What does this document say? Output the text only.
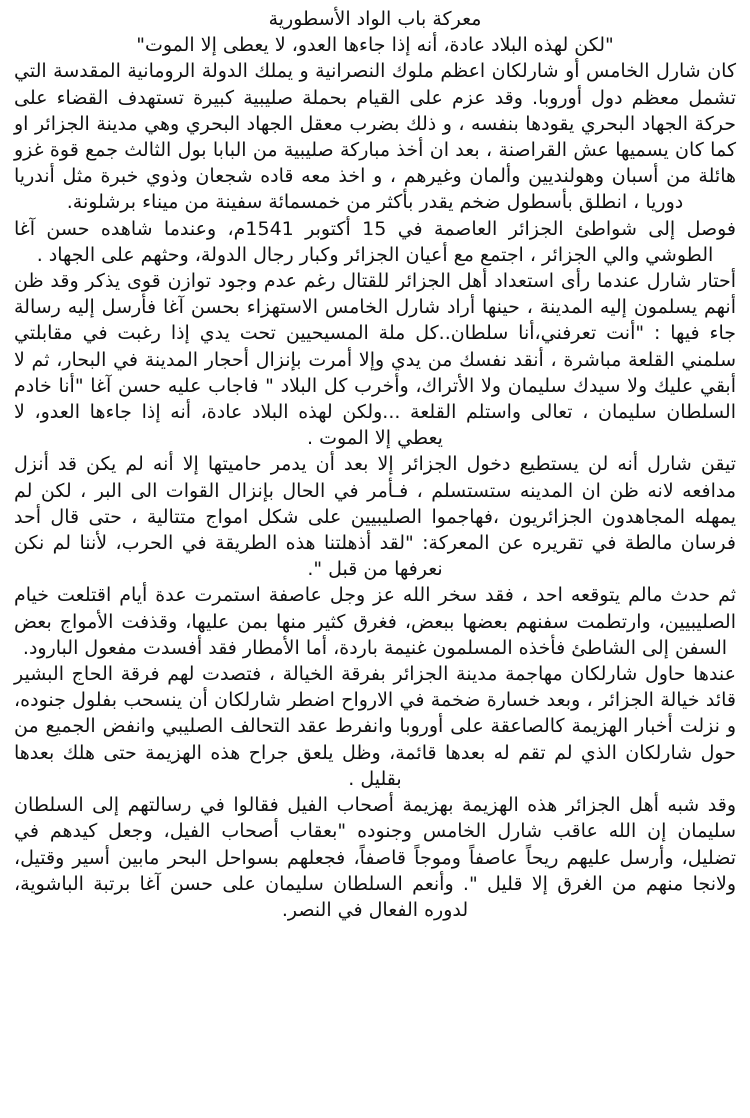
معركة باب الواد الأسطورية

"لكن لهذه البلاد عادة، أنه إذا جاءها العدو، لا يعطى إلا الموت"

كان شارل الخامس أو شارلكان اعظم ملوك النصرانية و يملك الدولة الرومانية المقدسة التي تشمل معظم دول أوروبا. وقد عزم على القيام بحملة صليبية كبيرة تستهدف القضاء على حركة الجهاد البحري يقودها بنفسه ، و ذلك بضرب معقل الجهاد البحري وهي مدينة الجزائر او كما كان يسميها عش القراصنة ، بعد ان أخذ مباركة صليبية من البابا بول الثالث جمع قوة غزو هائلة من أسبان وهولنديين وألمان وغيرهم ، و اخذ معه قاده شجعان وذوي خبرة مثل أندريا دوريا ، انطلق بأسطول ضخم يقدر بأكثر من خمسمائة سفينة من ميناء برشلونة.

فوصل إلى شواطئ الجزائر العاصمة في 15 أكتوبر 1541م، وعندما شاهده حسن آغا الطوشي والي الجزائر ، اجتمع مع أعيان الجزائر وكبار رجال الدولة، وحثهم على الجهاد .

أحتار شارل عندما رأى استعداد أهل الجزائر للقتال رغم عدم وجود توازن قوى يذكر وقد ظن أنهم يسلمون إليه المدينة ، حينها أراد شارل الخامس الاستهزاء بحسن آغا فأرسل إليه رسالة جاء فيها : "أنت تعرفني،أنا سلطان..كل ملة المسيحيين تحت يدي إذا رغبت في مقابلتي سلمني القلعة مباشرة ، أنقد نفسك من يدي وإلا أمرت بإنزال أحجار المدينة في البحار، ثم لا أبقي عليك ولا سيدك سليمان ولا الأتراك، وأخرب كل البلاد " فاجاب عليه حسن آغا "أنا خادم السلطان سليمان ، تعالى واستلم القلعة ...ولكن لهذه البلاد عادة، أنه إذا جاءها العدو، لا يعطي إلا الموت .

تيقن شارل أنه لن يستطيع دخول الجزائر إلا بعد أن يدمر حاميتها إلا أنه لم يكن قد أنزل مدافعه لانه ظن ان المدينه ستستسلم ، فـأمر في الحال بإنزال القوات الى البر ، لكن لم يمهله المجاهدون الجزائريون ،فهاجموا الصليبيين على شكل امواج متتالية ، حتى قال أحد فرسان مالطة في تقريره عن المعركة: "لقد أذهلتنا هذه الطريقة في الحرب، لأننا لم نكن نعرفها من قبل ".

ثم حدث مالم يتوقعه احد ، فقد سخر الله عز وجل عاصفة استمرت عدة أيام اقتلعت خيام الصليبيين، وارتطمت سفنهم بعضها ببعض، فغرق كثير منها بمن عليها، وقذفت الأمواج بعض السفن إلى الشاطئ فأخذه المسلمون غنيمة باردة، أما الأمطار فقد أفسدت مفعول البارود.

عندها حاول شارلكان مهاجمة مدينة الجزائر بفرقة الخيالة ، فتصدت لهم فرقة الحاج البشير قائد خيالة الجزائر ، وبعد خسارة ضخمة في الارواح اضطر شارلكان أن ينسحب بفلول جنوده، و نزلت أخبار الهزيمة كالصاعقة على أوروبا وانفرط عقد التحالف الصليبي وانفض الجميع من حول شارلكان الذي لم تقم له بعدها قائمة، وظل يلعق جراح هذه الهزيمة حتى هلك بعدها بقليل .

وقد شبه أهل الجزائر هذه الهزيمة بهزيمة أصحاب الفيل فقالوا في رسالتهم إلى السلطان سليمان إن الله عاقب شارل الخامس وجنوده "بعقاب أصحاب الفيل، وجعل كيدهم في تضليل، وأرسل عليهم ريحاً عاصفاً وموجاً قاصفاً، فجعلهم بسواحل البحر مابين أسير وقتيل، ولانجا منهم من الغرق إلا قليل ". وأنعم السلطان سليمان على حسن آغا برتبة الباشوية، لدوره الفعال في النصر.
